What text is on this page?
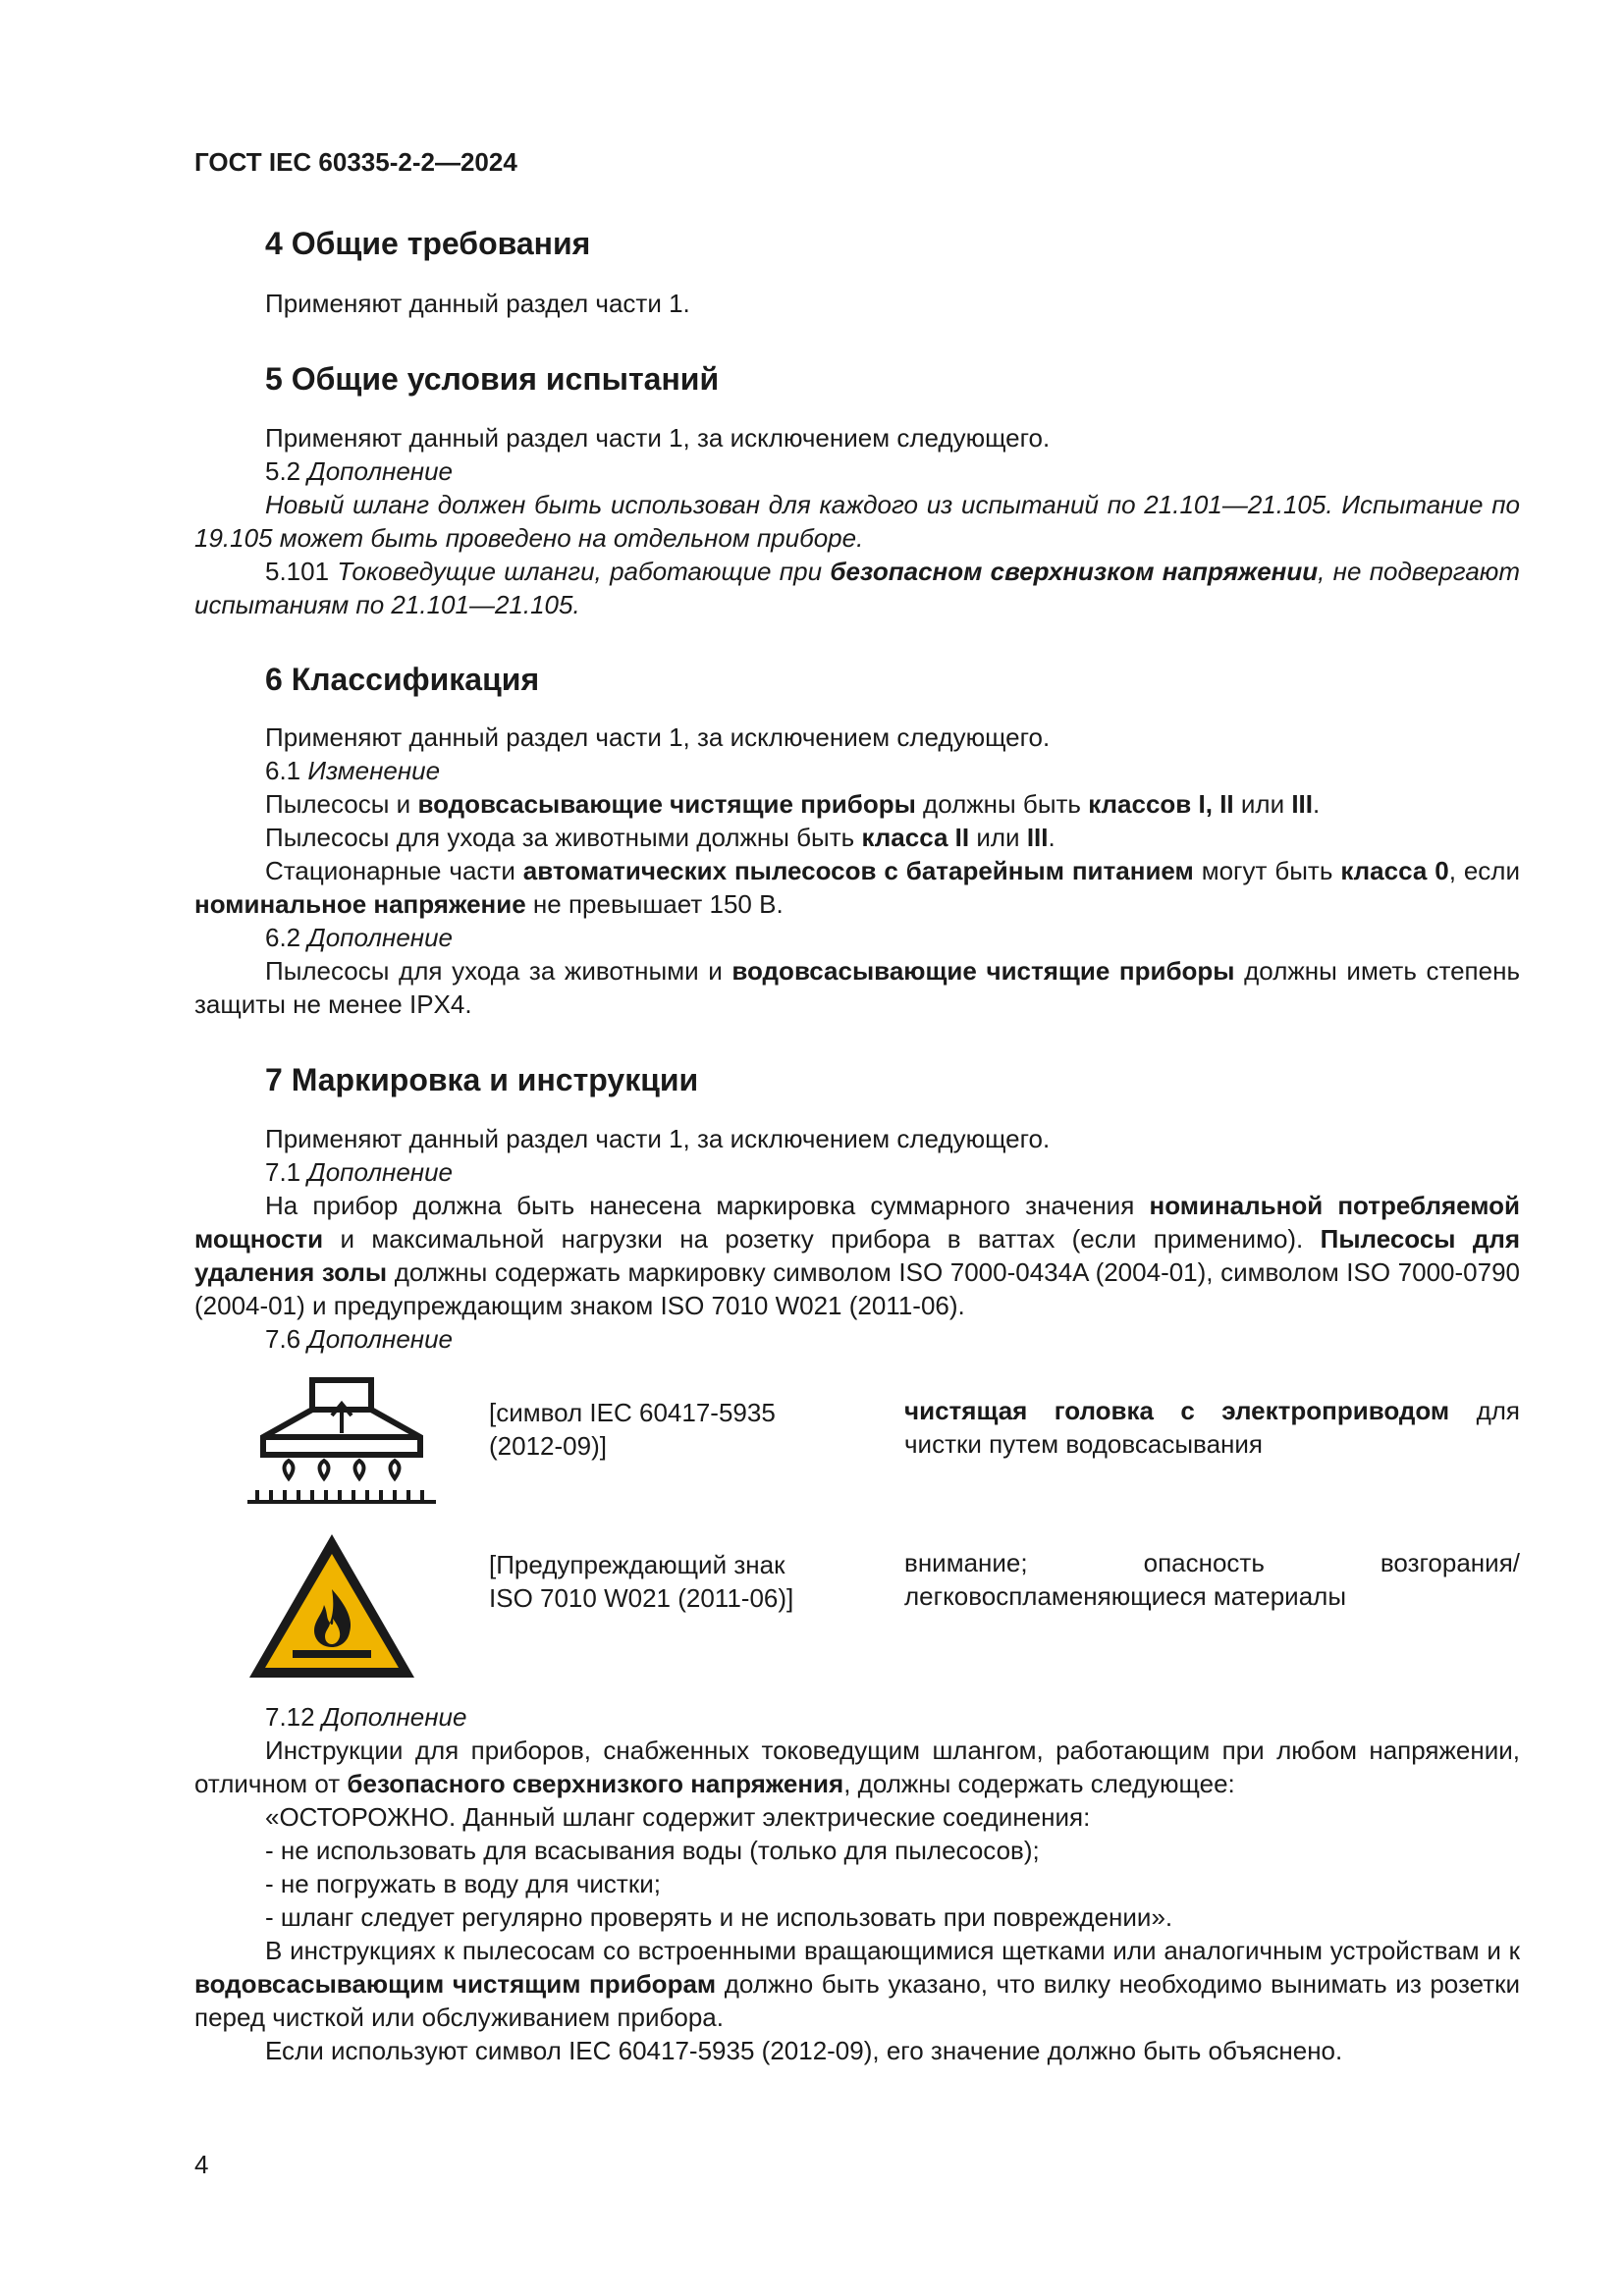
ГОСТ IEC 60335-2-2—2024
4 Общие требования

Применяют данный раздел части 1.

5 Общие условия испытаний

Применяют данный раздел части 1, за исключением следующего.

5.2 Дополнение

Новый шланг должен быть использован для каждого из испытаний по 21.101—21.105. Испытание по 19.105 может быть проведено на отдельном приборе.

5.101 Токоведущие шланги, работающие при безопасном сверхнизком напряжении, не подвергают испытаниям по 21.101—21.105.

6 Классификация

Применяют данный раздел части 1, за исключением следующего.

6.1 Изменение

Пылесосы и водовсасывающие чистящие приборы должны быть классов I, II или III.

Пылесосы для ухода за животными должны быть класса II или III.

Стационарные части автоматических пылесосов с батарейным питанием могут быть класса 0, если номинальное напряжение не превышает 150 В.

6.2 Дополнение

Пылесосы для ухода за животными и водовсасывающие чистящие приборы должны иметь степень защиты не менее IPX4.

7 Маркировка и инструкции

Применяют данный раздел части 1, за исключением следующего.

7.1 Дополнение

На прибор должна быть нанесена маркировка суммарного значения номинальной потребляемой мощности и максимальной нагрузки на розетку прибора в ваттах (если применимо). Пылесосы для удаления золы должны содержать маркировку символом ISO 7000-0434A (2004-01), символом ISO 7000-0790 (2004-01) и предупреждающим знаком ISO 7010 W021 (2011-06).

7.6 Дополнение

[символ IEC 60417-5935 (2012-09)]
чистящая головка с электроприводом для чистки путем водовсасывания
[Предупреждающий знак ISO 7010 W021 (2011-06)]
внимание; опасность возгорания/легковоспламеняющиеся материалы

7.12 Дополнение

Инструкции для приборов, снабженных токоведущим шлангом, работающим при любом напряжении, отличном от безопасного сверхнизкого напряжения, должны содержать следующее:

«ОСТОРОЖНО. Данный шланг содержит электрические соединения:

- не использовать для всасывания воды (только для пылесосов);

- не погружать в воду для чистки;

- шланг следует регулярно проверять и не использовать при повреждении».

В инструкциях к пылесосам со встроенными вращающимися щетками или аналогичным устройствам и к водовсасывающим чистящим приборам должно быть указано, что вилку необходимо вынимать из розетки перед чисткой или обслуживанием прибора.

Если используют символ IEC 60417-5935 (2012-09), его значение должно быть объяснено.

4
